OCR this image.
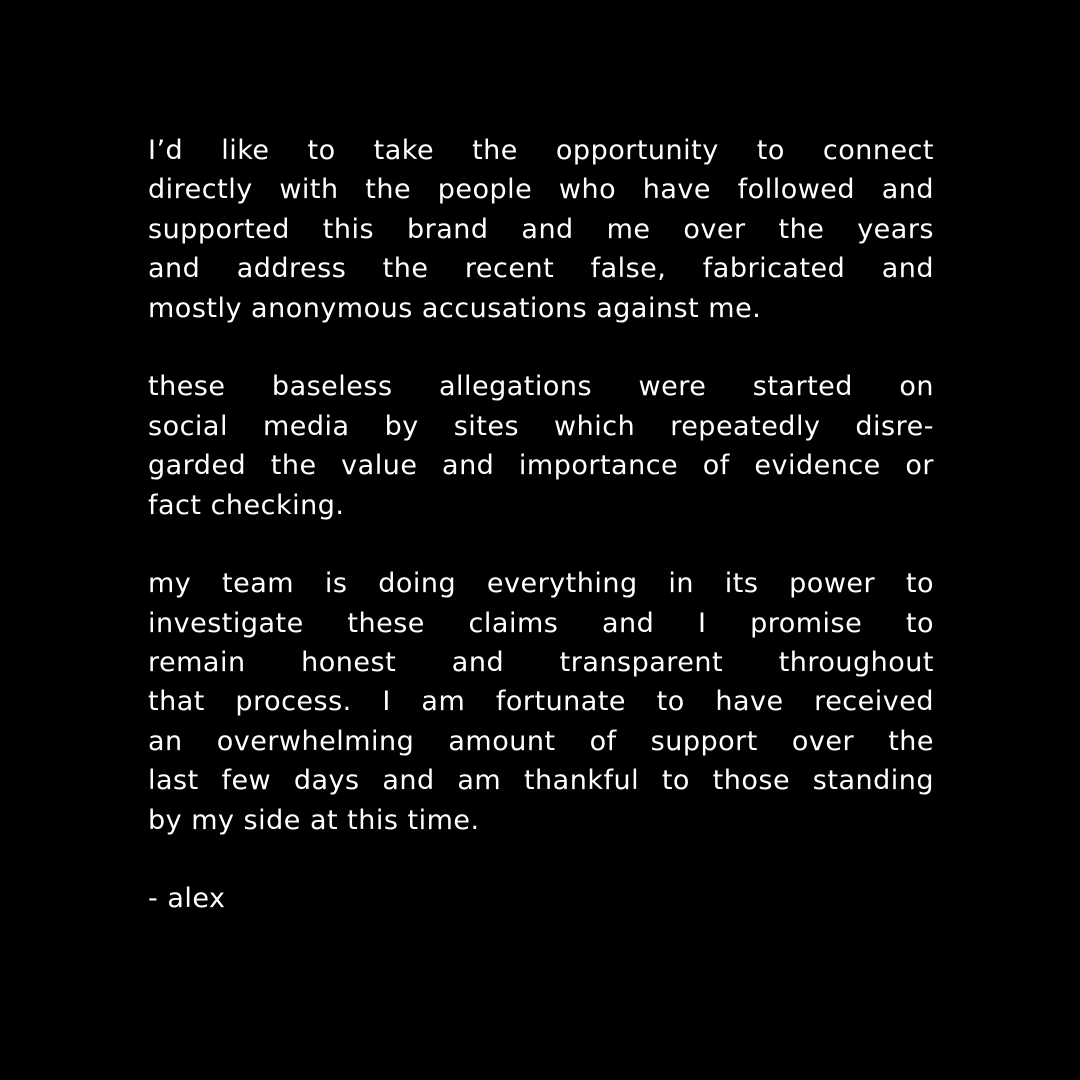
I’d like to take the opportunity to connect
directly with the people who have followed and
supported this brand and me over the years
and address the recent false, fabricated and
mostly anonymous accusations against me.
these baseless allegations were started on
social media by sites which repeatedly disre-
garded the value and importance of evidence or
fact checking.
my team is doing everything in its power to
investigate these claims and I promise to
remain honest and transparent throughout
that process. I am fortunate to have received
an overwhelming amount of support over the
last few days and am thankful to those standing
by my side at this time.
- alex
